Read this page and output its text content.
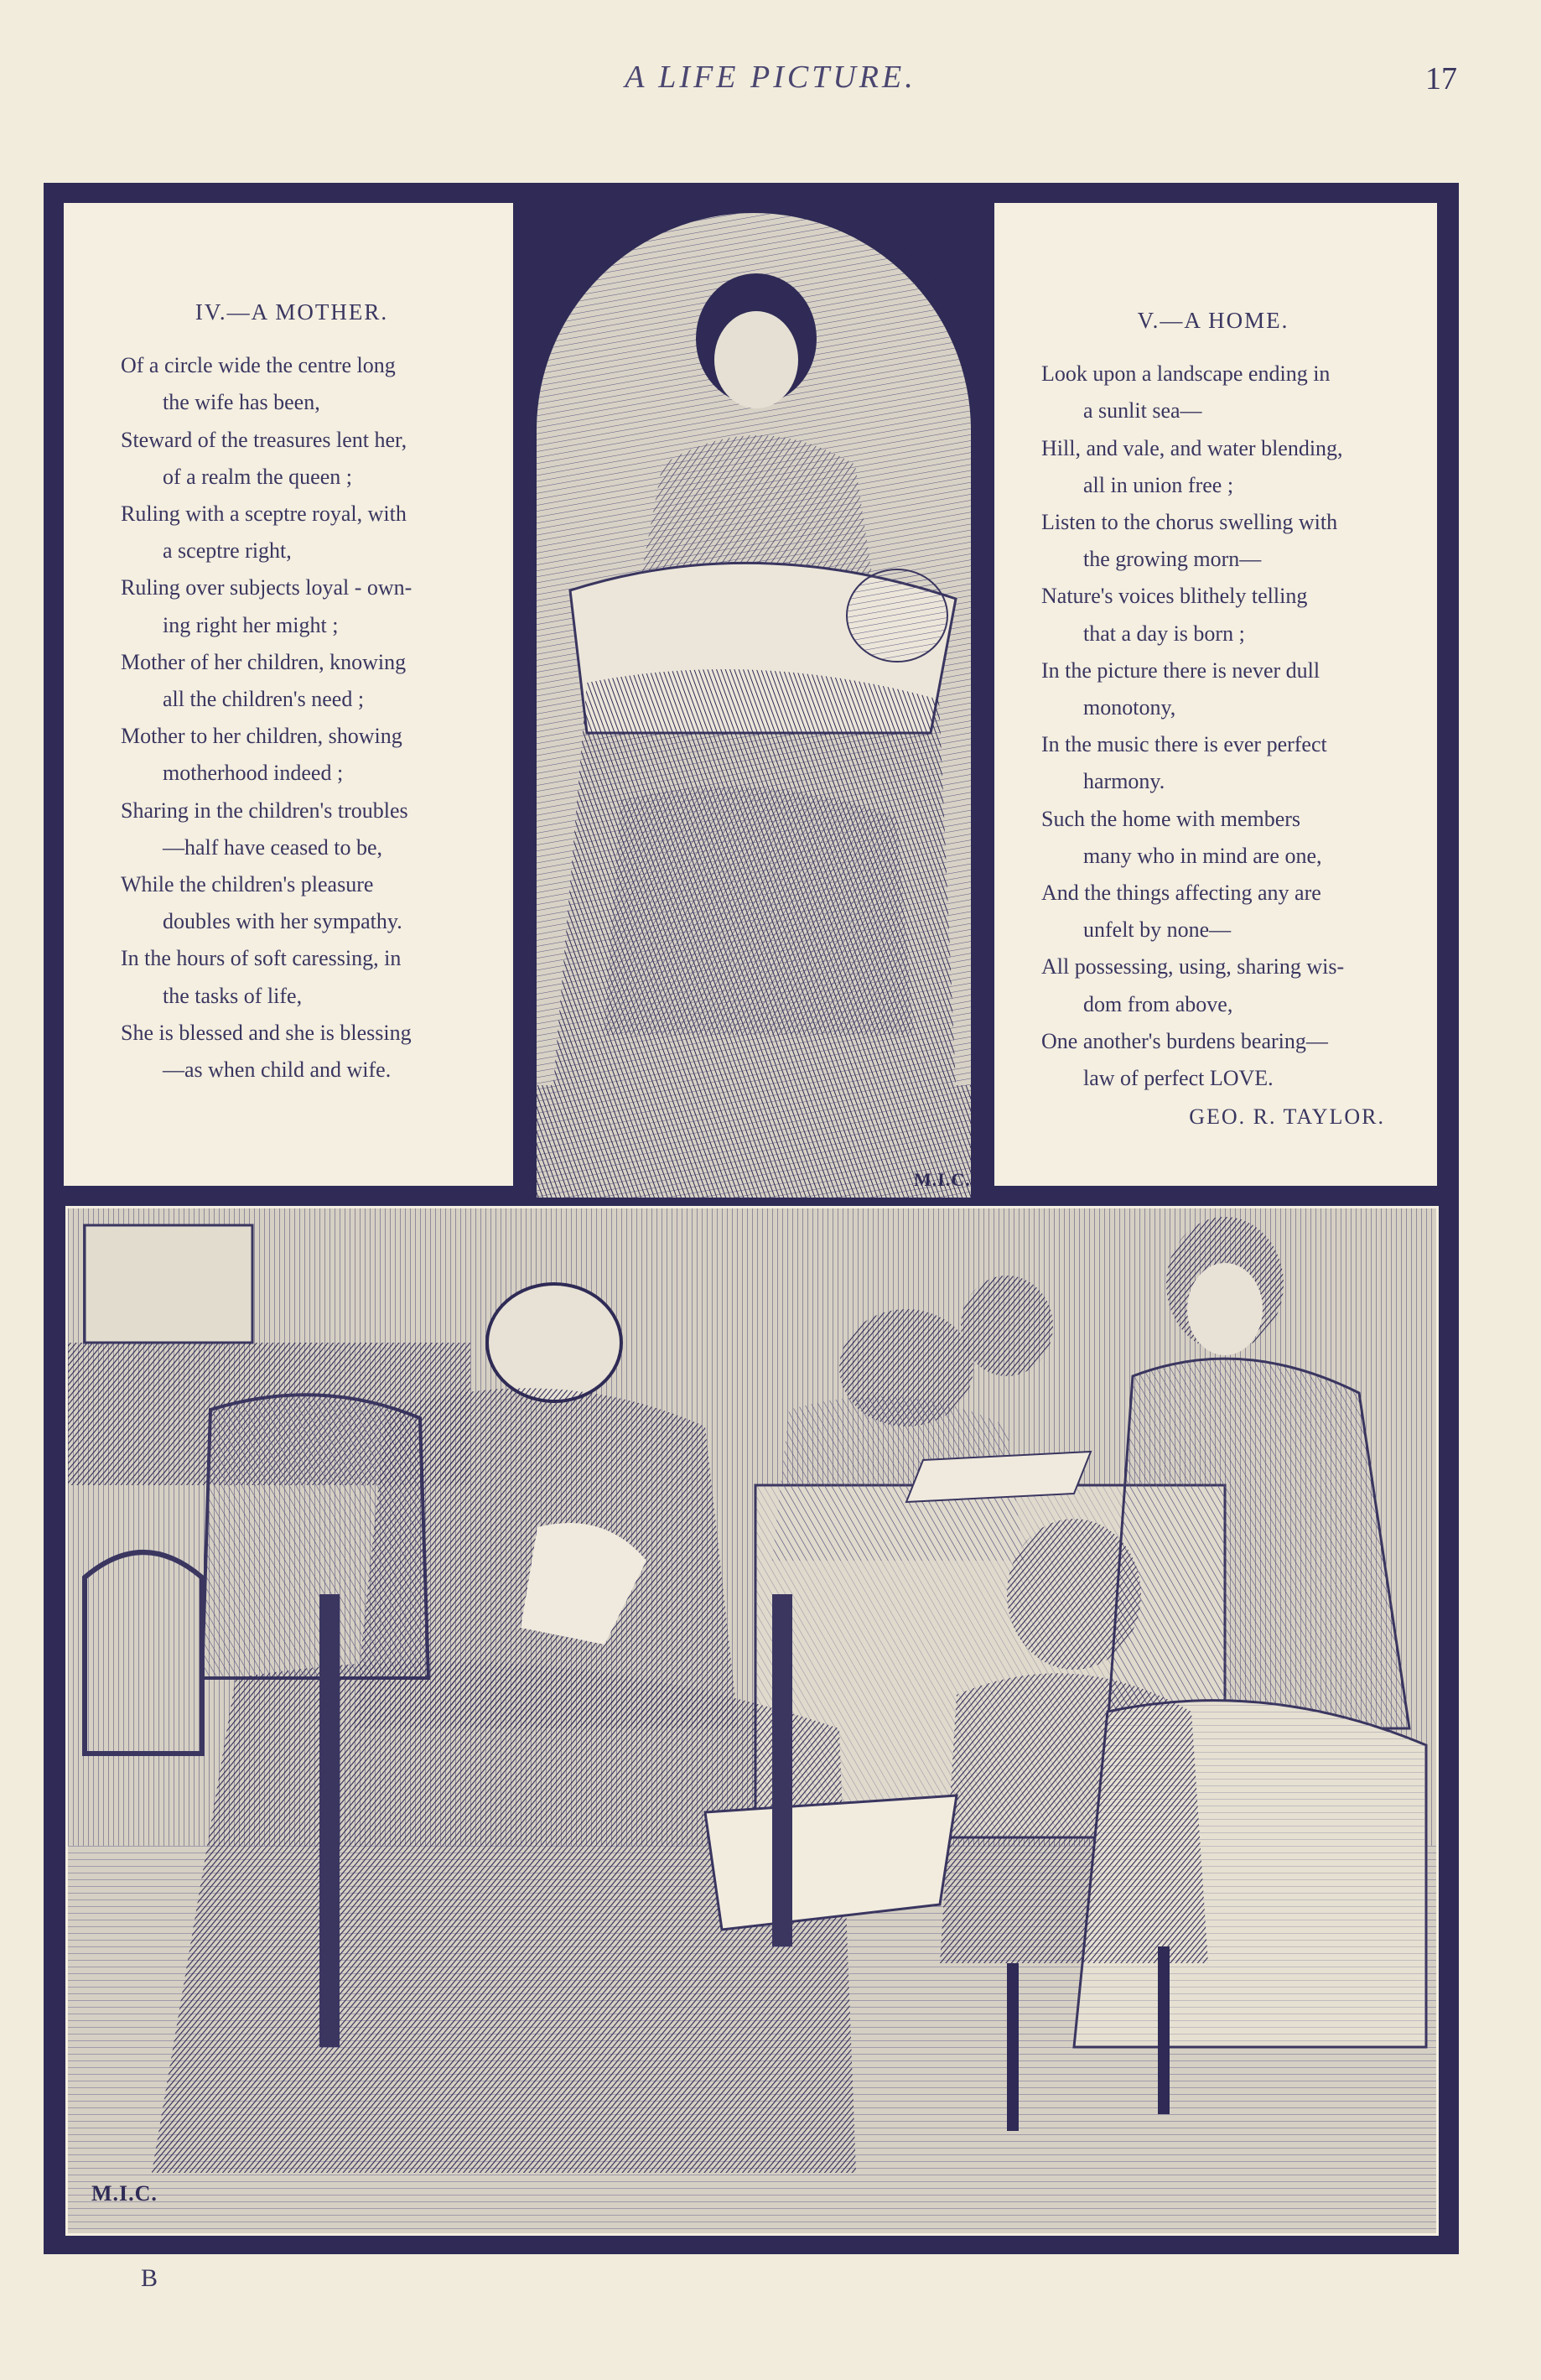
A LIFE PICTURE.	17
M.I.C.
IV.—A MOTHER.
Of a circle wide the centre long
the wife has been,
Steward of the treasures lent her,
of a realm the queen ;
Ruling with a sceptre royal, with
a sceptre right,
Ruling over subjects loyal - own-
ing right her might ;
Mother of her children, knowing
all the children's need ;
Mother to her children, showing
motherhood indeed ;
Sharing in the children's troubles
—half have ceased to be,
While the children's pleasure
doubles with her sympathy.
In the hours of soft caressing, in
the tasks of life,
She is blessed and she is blessing
—as when child and wife.
V.—A HOME.
Look upon a landscape ending in
a sunlit sea—
Hill, and vale, and water blending,
all in union free ;
Listen to the chorus swelling with
the growing morn—
Nature's voices blithely telling
that a day is born ;
In the picture there is never dull
monotony,
In the music there is ever perfect
harmony.
Such the home with members
many who in mind are one,
And the things affecting any are
unfelt by none—
All possessing, using, sharing wis-
dom from above,
One another's burdens bearing—
law of perfect LOVE.
GEO. R. TAYLOR.
M.I.C.
B
